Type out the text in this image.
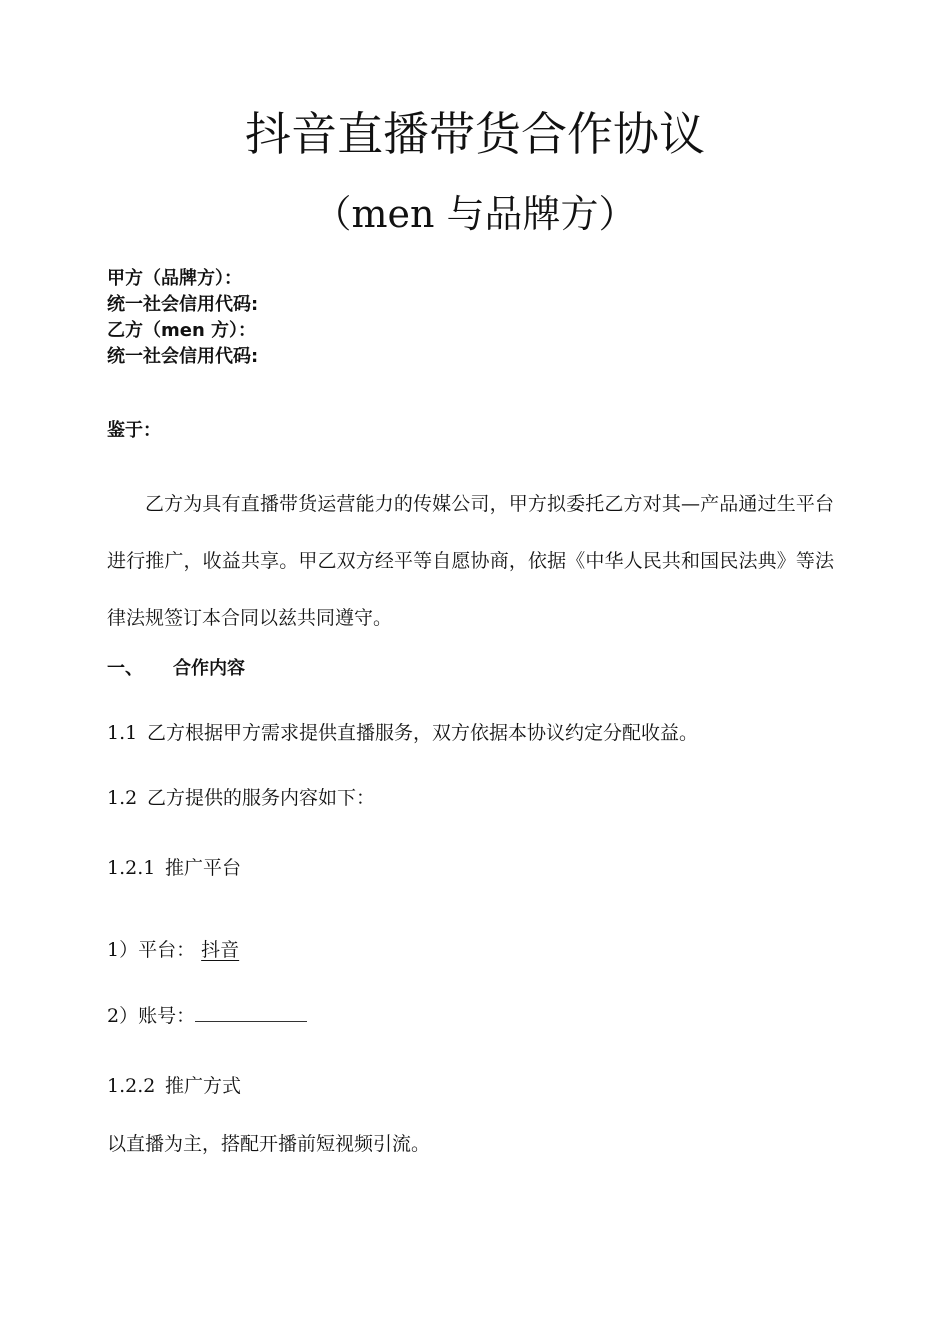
抖音直播带货合作协议
（men 与品牌方）
甲方（品牌方）：
统一社会信用代码:
乙方（men 方）：
统一社会信用代码:
鉴于：
乙方为具有直播带货运营能力的传媒公司，甲方拟委托乙方对其—产品通过生平台进行推广，收益共享。甲乙双方经平等自愿协商，依据《中华人民共和国民法典》等法律法规签订本合同以兹共同遵守。
一、 合作内容
1.1 乙方根据甲方需求提供直播服务，双方依据本协议约定分配收益。
1.2 乙方提供的服务内容如下：
1.2.1 推广平台
1）平台： 抖音
2）账号：
1.2.2 推广方式
以直播为主，搭配开播前短视频引流。
